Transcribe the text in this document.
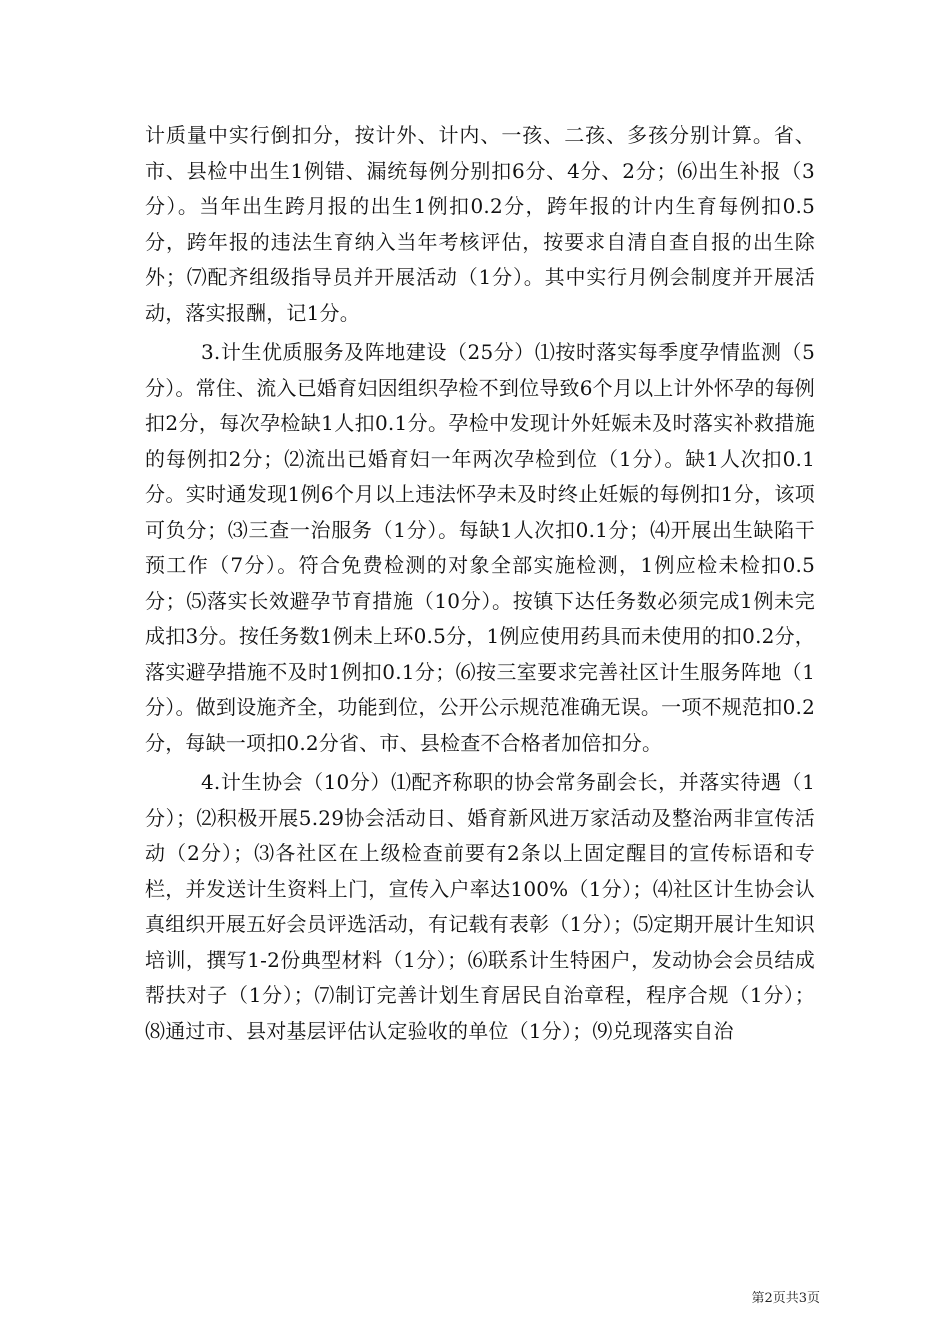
计质量中实行倒扣分，按计外、计内、一孩、二孩、多孩分别计算。省、市、县检中出生1例错、漏统每例分别扣6分、4分、2分；⑹出生补报（3分）。当年出生跨月报的出生1例扣0.2分，跨年报的计内生育每例扣0.5分，跨年报的违法生育纳入当年考核评估，按要求自清自查自报的出生除外；⑺配齐组级指导员并开展活动（1分）。其中实行月例会制度并开展活动，落实报酬，记1分。

3.计生优质服务及阵地建设（25分）⑴按时落实每季度孕情监测（5分）。常住、流入已婚育妇因组织孕检不到位导致6个月以上计外怀孕的每例扣2分，每次孕检缺1人扣0.1分。孕检中发现计外妊娠未及时落实补救措施的每例扣2分；⑵流出已婚育妇一年两次孕检到位（1分）。缺1人次扣0.1分。实时通发现1例6个月以上违法怀孕未及时终止妊娠的每例扣1分，该项可负分；⑶三查一治服务（1分）。每缺1人次扣0.1分；⑷开展出生缺陷干预工作（7分）。符合免费检测的对象全部实施检测，1例应检未检扣0.5分；⑸落实长效避孕节育措施（10分）。按镇下达任务数必须完成1例未完成扣3分。按任务数1例未上环0.5分，1例应使用药具而未使用的扣0.2分，落实避孕措施不及时1例扣0.1分；⑹按三室要求完善社区计生服务阵地（1分）。做到设施齐全，功能到位，公开公示规范准确无误。一项不规范扣0.2分，每缺一项扣0.2分省、市、县检查不合格者加倍扣分。

4.计生协会（10分）⑴配齐称职的协会常务副会长，并落实待遇（1分）；⑵积极开展5.29协会活动日、婚育新风进万家活动及整治两非宣传活动（2分）；⑶各社区在上级检查前要有2条以上固定醒目的宣传标语和专栏，并发送计生资料上门，宣传入户率达100%（1分）；⑷社区计生协会认真组织开展五好会员评选活动，有记载有表彰（1分）；⑸定期开展计生知识培训，撰写1-2份典型材料（1分）；⑹联系计生特困户，发动协会会员结成帮扶对子（1分）；⑺制订完善计划生育居民自治章程，程序合规（1分）；⑻通过市、县对基层评估认定验收的单位（1分）；⑼兑现落实自治

第2页共3页
